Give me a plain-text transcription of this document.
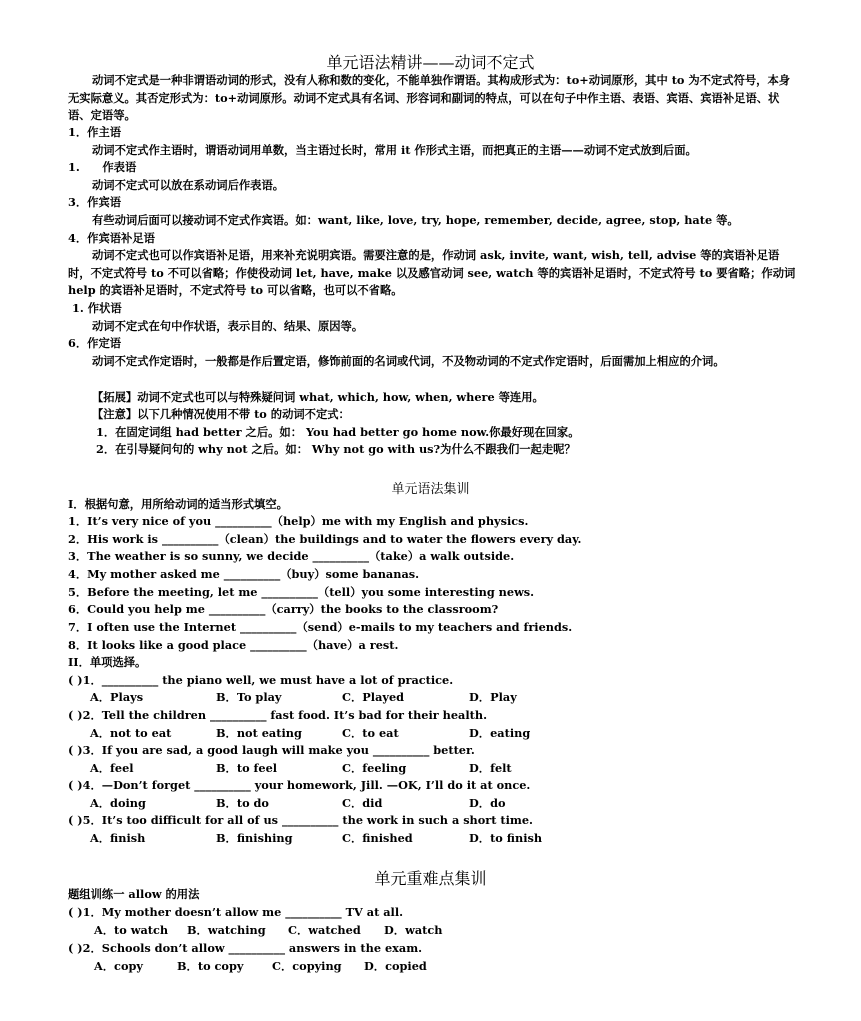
单元语法精讲——动词不定式
动词不定式是一种非谓语动词的形式，没有人称和数的变化，不能单独作谓语。其构成形式为：to+动词原形，其中 to 为不定式符号，本身无实际意义。其否定形式为：to+动词原形。动词不定式具有名词、形容词和副词的特点，可以在句子中作主语、表语、宾语、宾语补足语、状语、定语等。
1．作主语
动词不定式作主语时，谓语动词用单数，当主语过长时，常用 it 作形式主语，而把真正的主语——动词不定式放到后面。
1.　　作表语
动词不定式可以放在系动词后作表语。
3．作宾语
有些动词后面可以接动词不定式作宾语。如：want, like, love, try, hope, remember, decide, agree, stop, hate 等。
4．作宾语补足语
动词不定式也可以作宾语补足语，用来补充说明宾语。需要注意的是，作动词 ask, invite, want, wish, tell, advise 等的宾语补足语时，不定式符号 to 不可以省略；作使役动词 let, have, make 以及感官动词 see, watch 等的宾语补足语时，不定式符号 to 要省略；作动词 help 的宾语补足语时，不定式符号 to 可以省略，也可以不省略。
1. 作状语
动词不定式在句中作状语，表示目的、结果、原因等。
6．作定语
动词不定式作定语时，一般都是作后置定语，修饰前面的名词或代词，不及物动词的不定式作定语时，后面需加上相应的介词。
【拓展】动词不定式也可以与特殊疑问词 what, which, how, when, where 等连用。
【注意】以下几种情况使用不带 to 的动词不定式：
1．在固定词组 had better 之后。如： You had better go home now.你最好现在回家。
2．在引导疑问句的 why not 之后。如： Why not go with us?为什么不跟我们一起走呢？
单元语法集训
I．根据句意，用所给动词的适当形式填空。
1．It’s very nice of you __________（help）me with my English and physics.
2．His work is __________（clean）the buildings and to water the flowers every day.
3．The weather is so sunny, we decide __________（take）a walk outside.
4．My mother asked me __________（buy）some bananas.
5．Before the meeting, let me __________（tell）you some interesting news.
6．Could you help me __________（carry）the books to the classroom?
7．I often use the Internet __________（send）e-mails to my teachers and friends.
8．It looks like a good place __________（have）a rest.
II．单项选择。
( )1．__________ the piano well, we must have a lot of practice.
A．Plays	B．To play	C．Played	D．Play
( )2．Tell the children __________ fast food. It’s bad for their health.
A．not to eat	B．not eating	C．to eat	D．eating
( )3．If you are sad, a good laugh will make you __________ better.
A．feel	B．to feel	C．feeling	D．felt
( )4．—Don’t forget __________ your homework, Jill. —OK, I’ll do it at once.
A．doing	B．to do	C．did	D．do
( )5．It’s too difficult for all of us __________ the work in such a short time.
A．finish	B．finishing	C．finished	D．to finish
单元重难点集训
题组训练一 allow 的用法
( )1．My mother doesn’t allow me __________ TV at all.
A．to watch B．watching C．watched D．watch
( )2．Schools don’t allow __________ answers in the exam.
A．copy	B．to copy	C．copying D．copied
